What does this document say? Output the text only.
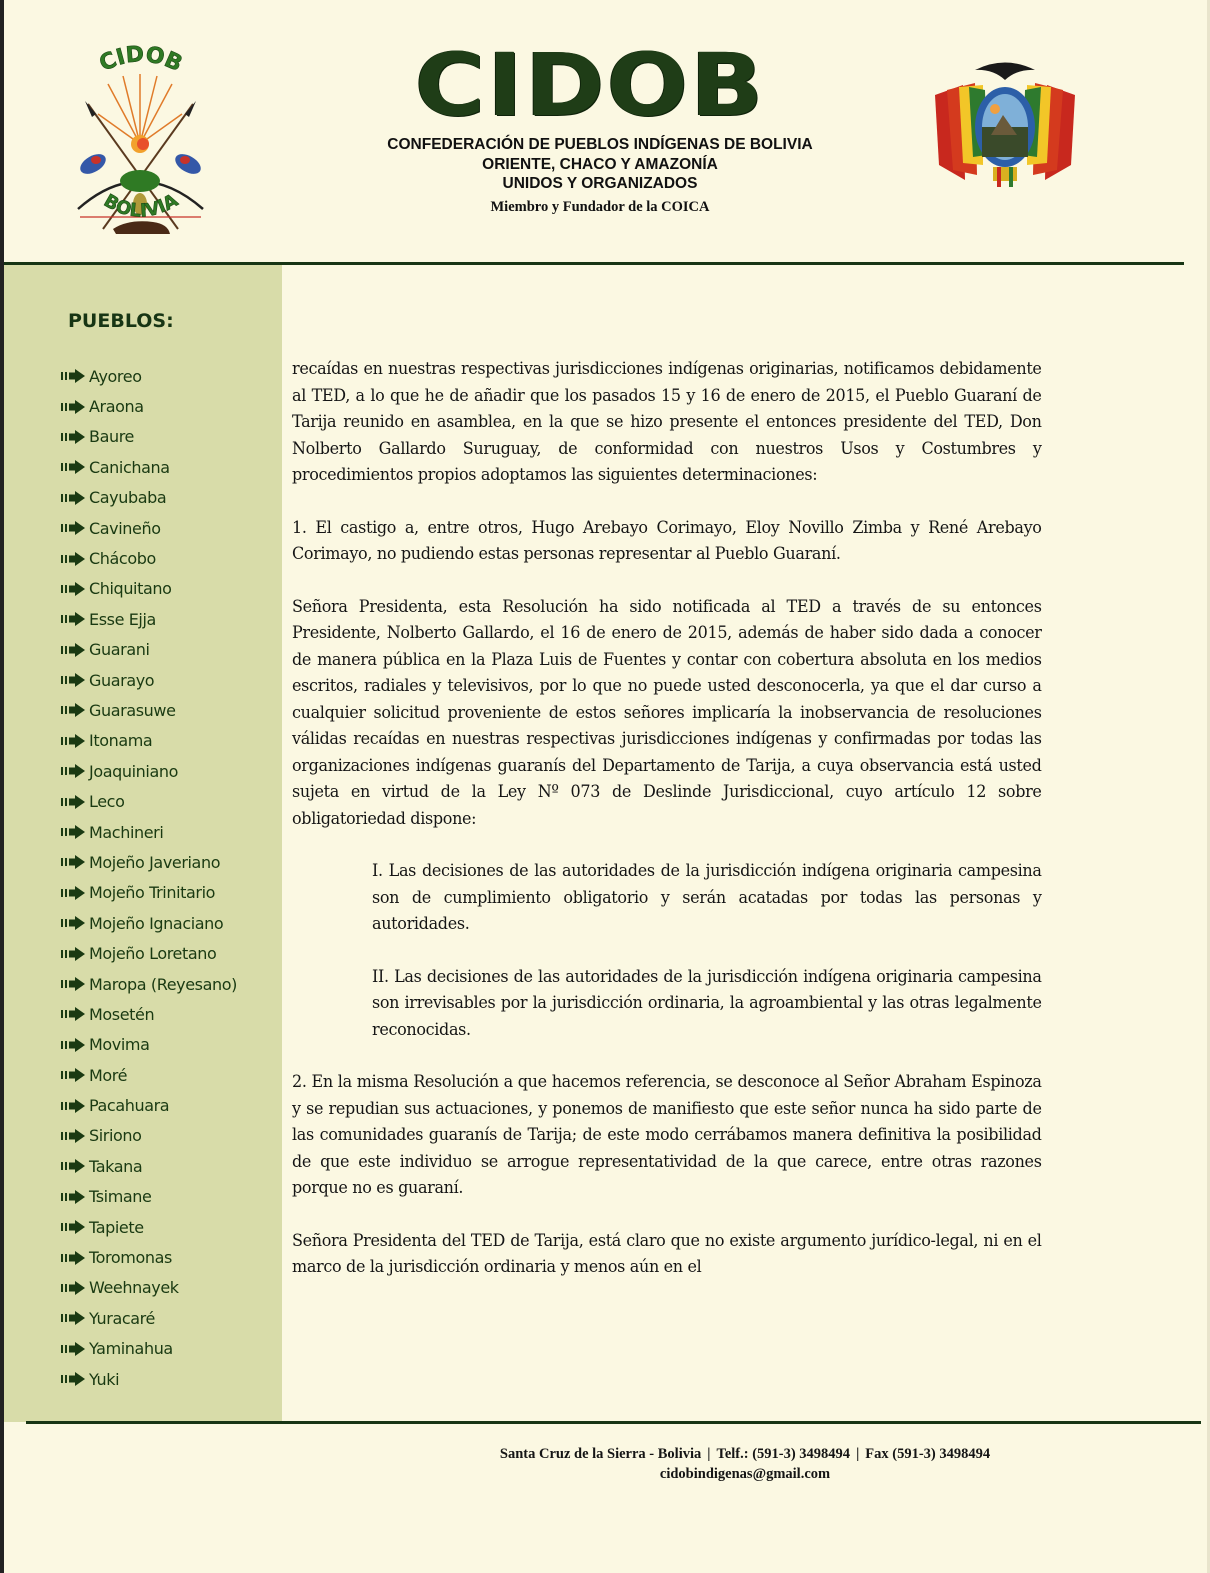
CIDOB
BOLIVIA
CIDOB
CONFEDERACIÓN DE PUEBLOS INDÍGENAS DE BOLIVIA
ORIENTE, CHACO Y AMAZONÍA
UNIDOS Y ORGANIZADOS
Miembro y Fundador de la COICA
PUEBLOS:
Ayoreo
Araona
Baure
Canichana
Cayubaba
Cavineño
Chácobo
Chiquitano
Esse Ejja
Guarani
Guarayo
Guarasuwe
Itonama
Joaquiniano
Leco
Machineri
Mojeño Javeriano
Mojeño Trinitario
Mojeño Ignaciano
Mojeño Loretano
Maropa (Reyesano)
Mosetén
Movima
Moré
Pacahuara
Siriono
Takana
Tsimane
Tapiete
Toromonas
Weehnayek
Yuracaré
Yaminahua
Yuki

recaídas en nuestras respectivas jurisdicciones indígenas originarias, notificamos debidamente al TED, a lo que he de añadir que los pasados 15 y 16 de enero de 2015, el Pueblo Guaraní de Tarija reunido en asamblea, en la que se hizo presente el entonces presidente del TED, Don Nolberto Gallardo Suruguay, de conformidad con nuestros Usos y Costumbres y procedimientos propios adoptamos las siguientes determinaciones:

1. El castigo a, entre otros, Hugo Arebayo Corimayo, Eloy Novillo Zimba y René Arebayo Corimayo, no pudiendo estas personas representar al Pueblo Guaraní.

Señora Presidenta, esta Resolución ha sido notificada al TED a través de su entonces Presidente, Nolberto Gallardo, el 16 de enero de 2015, además de haber sido dada a conocer de manera pública en la Plaza Luis de Fuentes y contar con cobertura absoluta en los medios escritos, radiales y televisivos, por lo que no puede usted desconocerla, ya que el dar curso a cualquier solicitud proveniente de estos señores implicaría la inobservancia de resoluciones válidas recaídas en nuestras respectivas jurisdicciones indígenas y confirmadas por todas las organizaciones indígenas guaranís del Departamento de Tarija, a cuya observancia está usted sujeta en virtud de la Ley Nº 073 de Deslinde Jurisdiccional, cuyo artículo 12 sobre obligatoriedad dispone:

I. Las decisiones de las autoridades de la jurisdicción indígena originaria campesina son de cumplimiento obligatorio y serán acatadas por todas las personas y autoridades.

II. Las decisiones de las autoridades de la jurisdicción indígena originaria campesina son irrevisables por la jurisdicción ordinaria, la agroambiental y las otras legalmente reconocidas.

2. En la misma Resolución a que hacemos referencia, se desconoce al Señor Abraham Espinoza y se repudian sus actuaciones, y ponemos de manifiesto que este señor nunca ha sido parte de las comunidades guaranís de Tarija; de este modo cerrábamos manera definitiva la posibilidad de que este individuo se arrogue representatividad de la que carece, entre otras razones porque no es guaraní.

Señora Presidenta del TED de Tarija, está claro que no existe argumento jurídico-legal, ni en el marco de la jurisdicción ordinaria y menos aún en el

Santa Cruz de la Sierra - Bolivia | Telf.: (591-3) 3498494 | Fax (591-3) 3498494
cidobindigenas@gmail.com
